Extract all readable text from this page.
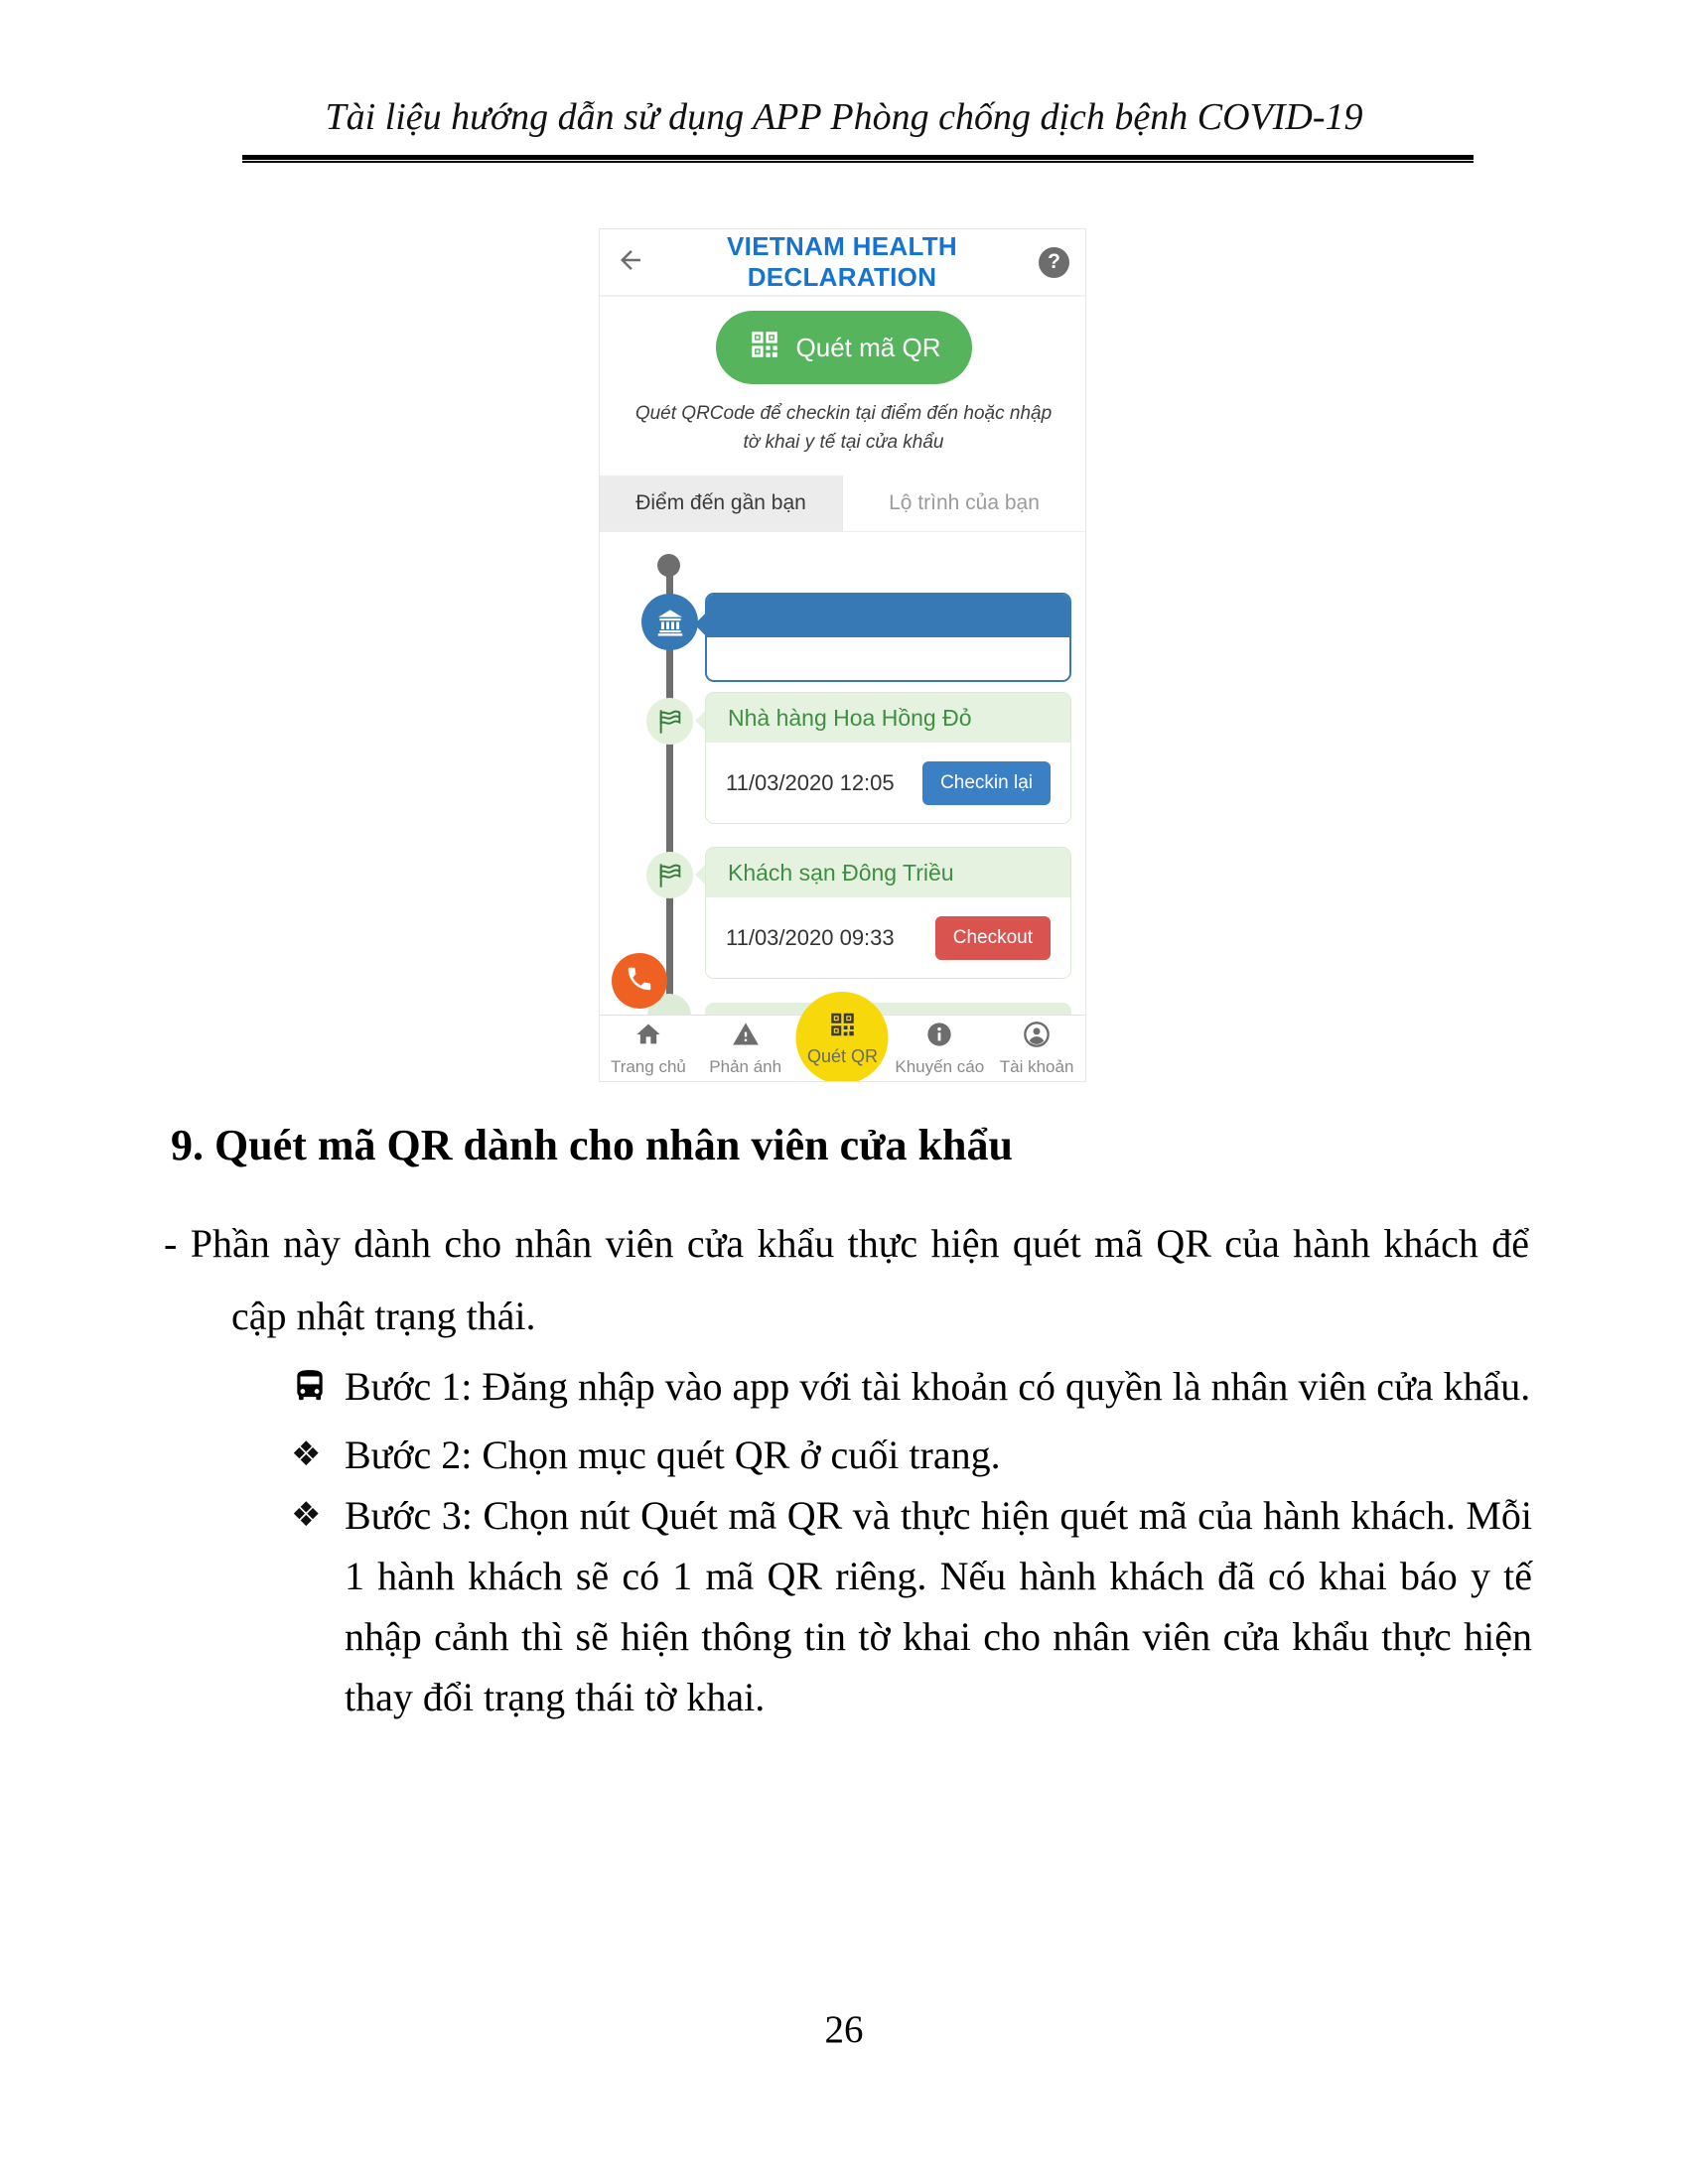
Tài liệu hướng dẫn sử dụng APP Phòng chống dịch bệnh COVID-19
VIETNAM HEALTH DECLARATION
?
Quét mã QR
Quét QRCode để checkin tại điểm đến hoặc nhập tờ khai y tế tại cửa khẩu
Điểm đến gần bạn	Lộ trình của bạn
Nhà hàng Hoa Hồng Đỏ
11/03/2020 12:05	Checkin lại
Khách sạn Đông Triều
11/03/2020 09:33	Checkout
Trang chủ Phản ánh
Quét QR
Khuyến cáo Tài khoản
9. Quét mã QR dành cho nhân viên cửa khẩu
- Phần này dành cho nhân viên cửa khẩu thực hiện quét mã QR của hành khách để cập nhật trạng thái.
Bước 1: Đăng nhập vào app với tài khoản có quyền là nhân viên cửa khẩu.
❖ Bước 2: Chọn mục quét QR ở cuối trang.
❖ Bước 3: Chọn nút Quét mã QR và thực hiện quét mã của hành khách. Mỗi 1 hành khách sẽ có 1 mã QR riêng. Nếu hành khách đã có khai báo y tế nhập cảnh thì sẽ hiện thông tin tờ khai cho nhân viên cửa khẩu thực hiện thay đổi trạng thái tờ khai.
26
